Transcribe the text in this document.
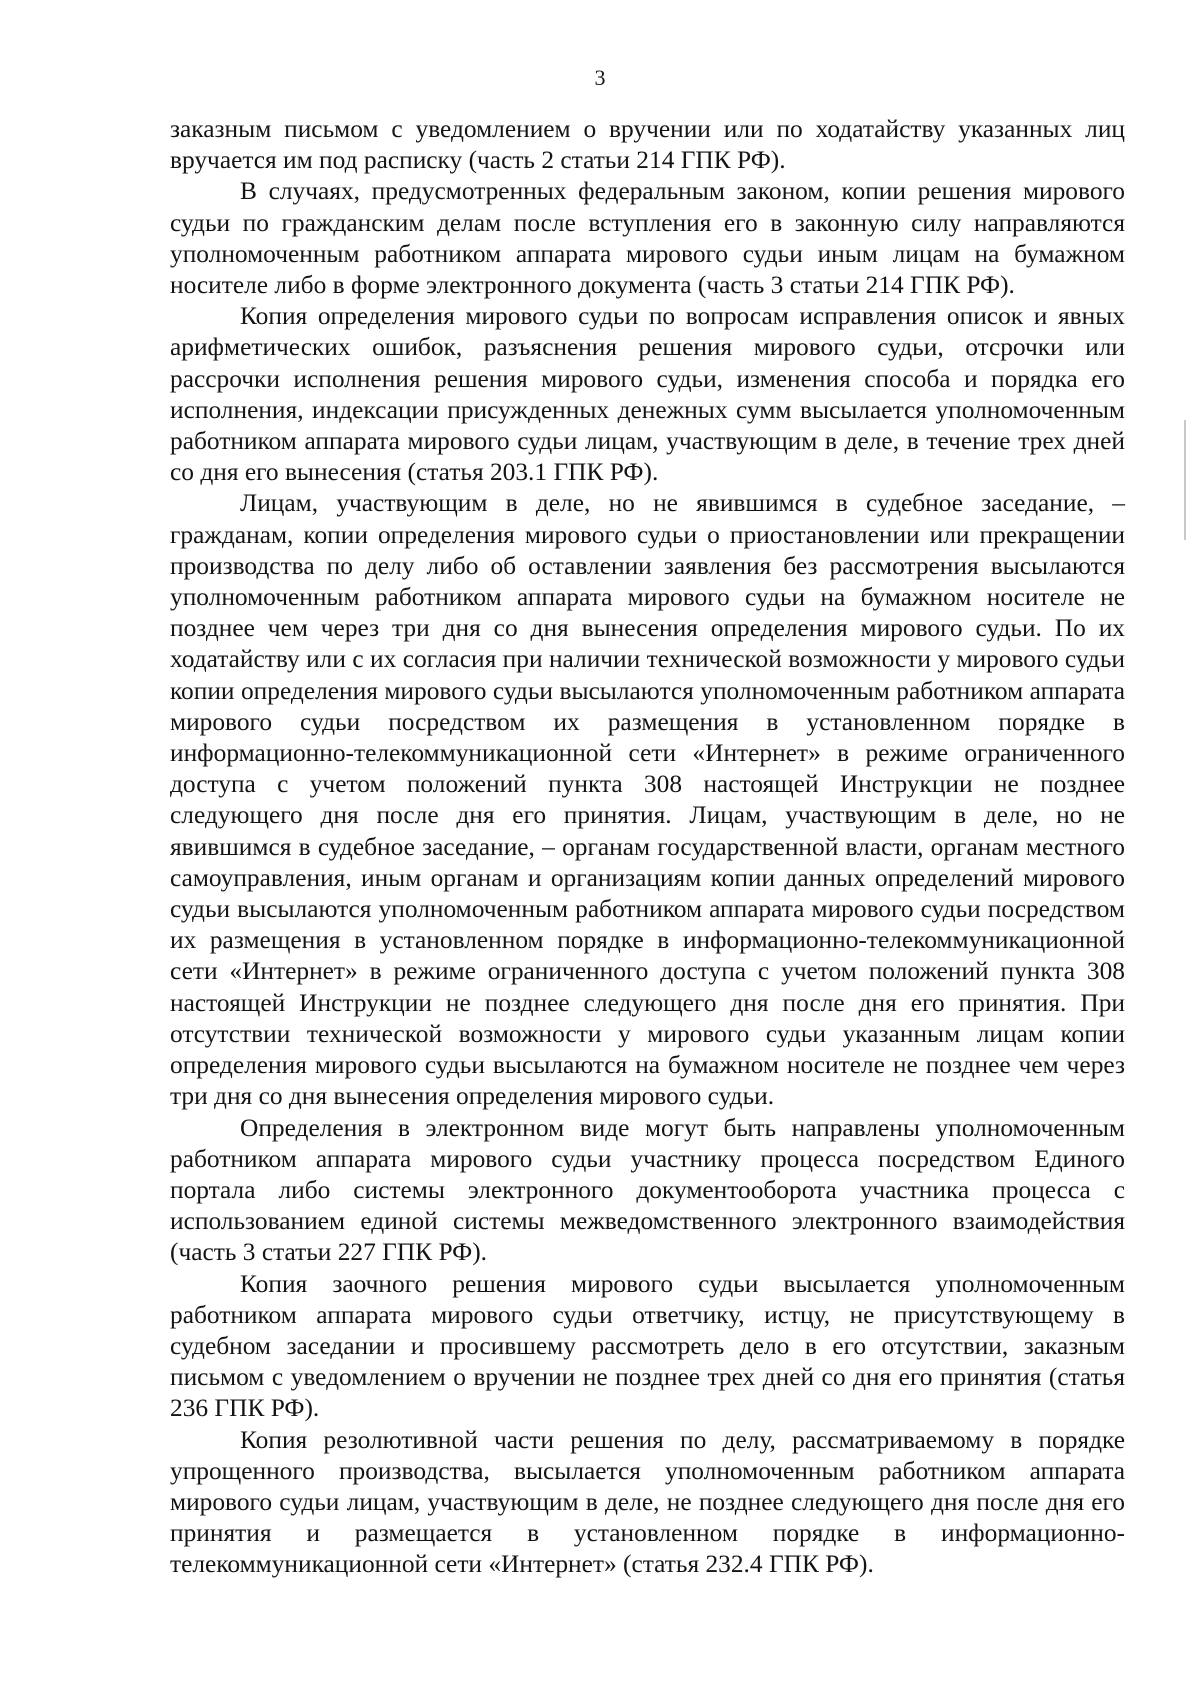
3

заказным письмом с уведомлением о вручении или по ходатайству указанных лиц вручается им под расписку (часть 2 статьи 214 ГПК РФ).

В случаях, предусмотренных федеральным законом, копии решения мирового судьи по гражданским делам после вступления его в законную силу направляются уполномоченным работником аппарата мирового судьи иным лицам на бумажном носителе либо в форме электронного документа (часть 3 статьи 214 ГПК РФ).

Копия определения мирового судьи по вопросам исправления описок и явных арифметических ошибок, разъяснения решения мирового судьи, отсрочки или рассрочки исполнения решения мирового судьи, изменения способа и порядка его исполнения, индексации присужденных денежных сумм высылается уполномоченным работником аппарата мирового судьи лицам, участвующим в деле, в течение трех дней со дня его вынесения (статья 203.1 ГПК РФ).

Лицам, участвующим в деле, но не явившимся в судебное заседание, – гражданам, копии определения мирового судьи о приостановлении или прекращении производства по делу либо об оставлении заявления без рассмотрения высылаются уполномоченным работником аппарата мирового судьи на бумажном носителе не позднее чем через три дня со дня вынесения определения мирового судьи. По их ходатайству или с их согласия при наличии технической возможности у мирового судьи копии определения мирового судьи высылаются уполномоченным работником аппарата мирового судьи посредством их размещения в установленном порядке в информационно-телекоммуникационной сети «Интернет» в режиме ограниченного доступа с учетом положений пункта 308 настоящей Инструкции не позднее следующего дня после дня его принятия. Лицам, участвующим в деле, но не явившимся в судебное заседание, – органам государственной власти, органам местного самоуправления, иным органам и организациям копии данных определений мирового судьи высылаются уполномоченным работником аппарата мирового судьи посредством их размещения в установленном порядке в информационно-телекоммуникационной сети «Интернет» в режиме ограниченного доступа с учетом положений пункта 308 настоящей Инструкции не позднее следующего дня после дня его принятия. При отсутствии технической возможности у мирового судьи указанным лицам копии определения мирового судьи высылаются на бумажном носителе не позднее чем через три дня со дня вынесения определения мирового судьи.

Определения в электронном виде могут быть направлены уполномоченным работником аппарата мирового судьи участнику процесса посредством Единого портала либо системы электронного документооборота участника процесса с использованием единой системы межведомственного электронного взаимодействия (часть 3 статьи 227 ГПК РФ).

Копия заочного решения мирового судьи высылается уполномоченным работником аппарата мирового судьи ответчику, истцу, не присутствующему в судебном заседании и просившему рассмотреть дело в его отсутствии, заказным письмом с уведомлением о вручении не позднее трех дней со дня его принятия (статья 236 ГПК РФ).

Копия резолютивной части решения по делу, рассматриваемому в порядке упрощенного производства, высылается уполномоченным работником аппарата мирового судьи лицам, участвующим в деле, не позднее следующего дня после дня его принятия и размещается в установленном порядке в информационно-телекоммуникационной сети «Интернет» (статья 232.4 ГПК РФ).
